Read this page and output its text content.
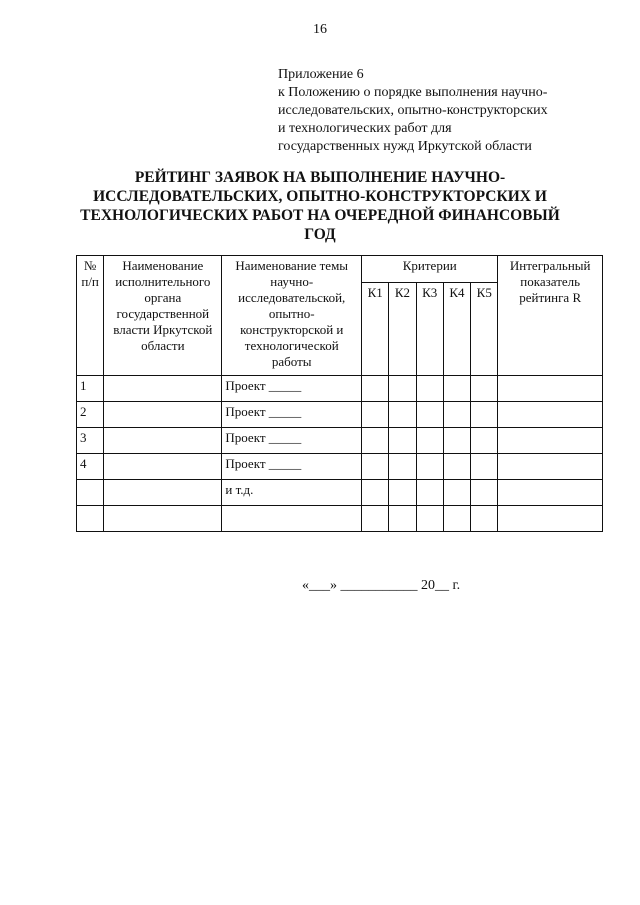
16
Приложение 6
к Положению о порядке выполнения научно-
исследовательских, опытно-конструкторских
и технологических работ для
государственных нужд Иркутской области
РЕЙТИНГ ЗАЯВОК НА ВЫПОЛНЕНИЕ НАУЧНО-
ИССЛЕДОВАТЕЛЬСКИХ, ОПЫТНО-КОНСТРУКТОРСКИХ И
ТЕХНОЛОГИЧЕСКИХ РАБОТ НА ОЧЕРЕДНОЙ ФИНАНСОВЫЙ
ГОД
№ п/п	Наименование исполнительного органа государственной власти Иркутской области	Наименование темы научно-исследовательской, опытно-конструкторской и технологической работы	Критерии					Интегральный показатель рейтинга R
			К1	К2	К3	К4	К5	
1		Проект _____						
2		Проект _____						
3		Проект _____						
4		Проект _____						
		и т.д.						

«___» ___________ 20__ г.
